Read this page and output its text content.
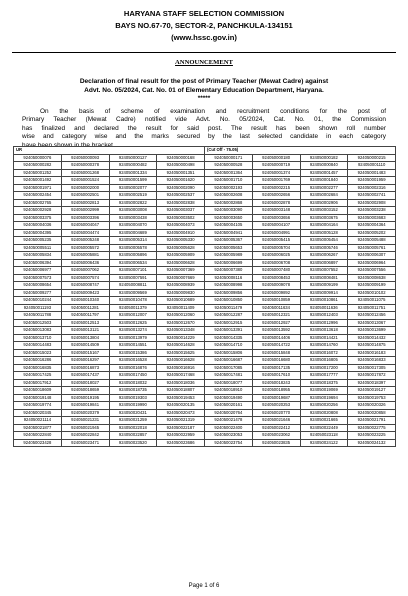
HARYANA STAFF SELECTION COMMISSION
BAYS NO.67-70, SECTOR-2, PANCHKULA-134151
(www.hssc.gov.in)
ANNOUNCEMENT
Declaration of final result for the post of Primary Teacher (Mewat Cadre) against
Advt. No. 05/2024, Cat. No. 01 of Elementary Education Department, Haryana.
*****
On the basis of scheme of examination and recruitment conditions for the post of
Primary Teacher (Mewat Cadre) notified vide Advt. No. 05/2024, Cat. No. 01, the Commission
has finalized and declared the result for said post. The result has been shown roll number
wise and category wise and the marks secured by the last selected candidate in each category
have been shown in the bracket.
UR				(Cut Off - 75.05)			
924050000076	924050000093	924050000127	924050000168	924050000171	924050000180	924050000182	924050000215
924050000282	924050000378	924050000482	924050000498	924050000528	924050000719	924050000840	924050001110
924050001252	924050001268	924050001334	924050001351	924050001364	924050001374	924050001457	924050001483
924050001492	924050001524	924050001599	924050001620	924050001710	924050001769	924050001840	924050001959
924050001971	924050002000	924050002077	924050002090	924050002193	924050002215	924050002277	924050002316
924050002454	924050002501	924050002519	924050002537	924050002608	924050002656	924050002684	924050002741
924050002765	924050002813	924050002822	924050002838	924050002868	924050002878	924050002906	924050002908
924050002928	924050002999	924050003008	924050003037	924050003090	924050003148	924050003152	924050003238
924050003375	924050003396	924050003438	924050003502	924050003650	924050003656	924050003675	924050003683
924050004036	924050004047	924050004070	924050004073	924050004105	924050004107	924050004164	924050004364
924050004395	924050004474	924050004689	924050004910	924050004941	924050004991	924050005128	924050005202
924050005235	924050005248	924050005314	924050005330	924050005367	924050005415	924050005454	924050005488
924050005511	924050005572	924050005578	924050005628	924050005653	924050005704	924050005746	924050005761
924050005834	924050005881	924050005896	924050005909	924050005989	924050006025	924050006267	924050006307
924050006394	924050006436	924050006534	924050006628	924050006699	924050006708	924050006897	924050006964
924050006977	924050007062	924050007101	924050007369	924050007380	924050007480	924050007552	924050007556
924050007573	924050007574	924050007591	924050007669	924050008116	924050008453	924050008481	924050008638
924050008654	924050008747	924050008811	924050008939	924050008998	924050009078	924050009199	924050009199
924050009277	924050009423	924050009569	924050009830	924050009856	924050009892	924050009914	924050010102
924050010244	924050010340	924050010478	924050010689	924050010850	924050010859	924050010861	924050011075
924050011193	924050011281	924050011379	924050011409	924050011479	924050011634	924050011636	924050011751
924050011788	924050011797	924050012007	924050012060	924050012287	924050012321	924050012403	924050012456
924050012503	924050012513	924050012625	924050012670	924050012915	924050012927	924050012996	924050013067
924050013083	924050013121	924050013274	924050013348	924050013391	924050013592	924050013618	924050013699
924050013710	924050013804	924050013979	924050014229	924050014335	924050014406	924050014421	924050014432
924050014483	924050014509	924050014551	924050014628	924050014710	924050014722	924050014760	924050014875
924050015023	924050015167	924050015386	924050015625	924050015806	924050015848	924050016072	924050016183
924050016286	924050016297	924050016528	924050016628	924050016687	924050016680	924050016805	924050016833
924050016835	924050016873	924050016876	924050016916	924050017085	924050017135	924050017200	924050017305
924050017425	924050017437	924050017450	924050017468	924050017481	924050017610	924050017777	924050017872
924050017912	924050018027	924050018032	924050018036	924050018077	924050018243	924050018375	924050018397
924050018609	924050018659	924050018735	924050018807	924050018910	924050018955	924050019069	924050019127
924050019148	924050019195	924050019303	924050019453	924050019490	924050019687	924050019694	924050019753
924050019774	924050019841	924050019990	924050020135	924050020161	924050020253	924050020256	924050020326
924050020345	924050020379	924050020431	924050020473	924050020764	924050020770	924050020808	924050020858
924050021114	924050021231	924050021259	924050021319	924050021478	924050021646	924050021665	924050021791
924050021877	924050021945	924050022018	924050022187	924050022400	924050022412	924050022449	924050022775
924050022840	924050022842	924050022857	924050022959	924050023053	924050023062	924050023118	924050023225
924050023428	924050023471	924050023520	924050023686	924050023754	924050023835	924050024122	924050024132
Page 1 of 6
